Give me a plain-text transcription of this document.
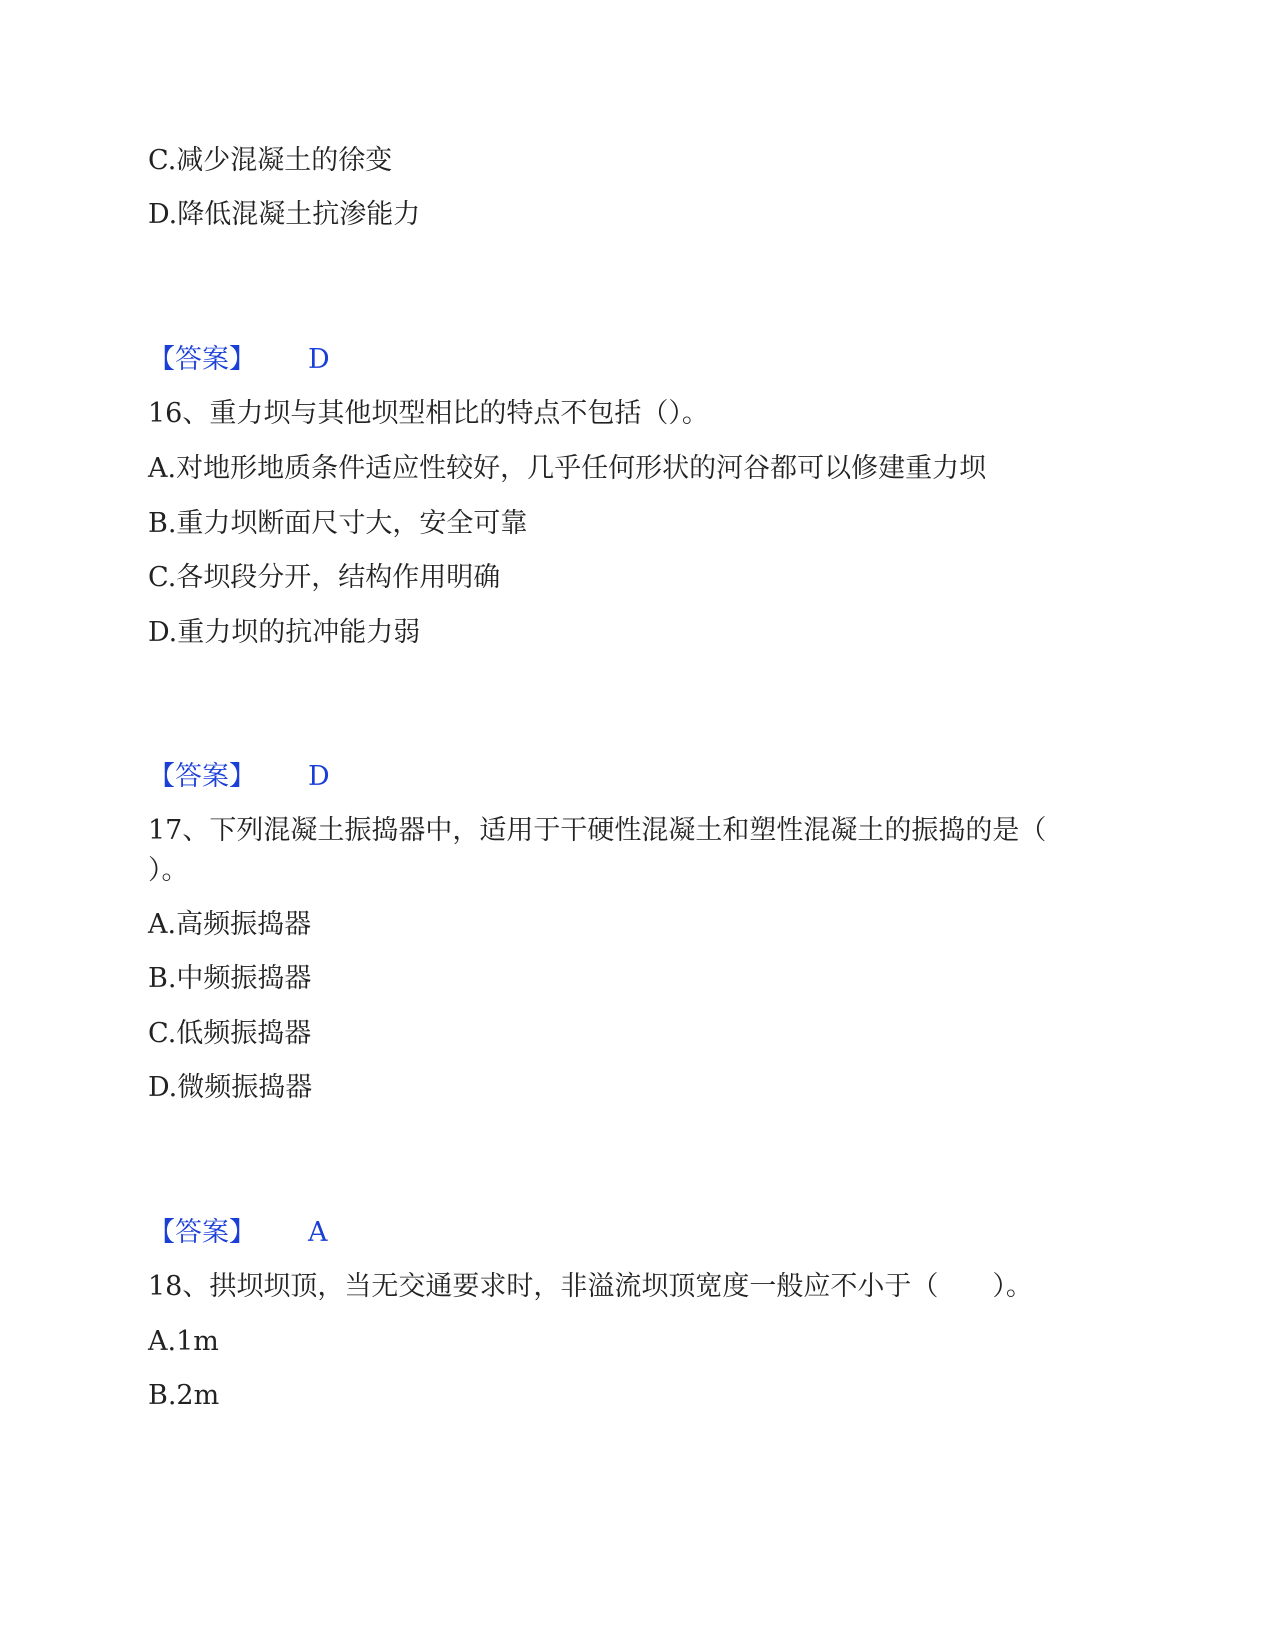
C.减少混凝土的徐变
D.降低混凝土抗渗能力
【答案】 D
16、重力坝与其他坝型相比的特点不包括（）。
A.对地形地质条件适应性较好，几乎任何形状的河谷都可以修建重力坝
B.重力坝断面尺寸大，安全可靠
C.各坝段分开，结构作用明确
D.重力坝的抗冲能力弱
【答案】 D
17、下列混凝土振捣器中，适用于干硬性混凝土和塑性混凝土的振捣的是（
）。
A.高频振捣器
B.中频振捣器
C.低频振捣器
D.微频振捣器
【答案】 A
18、拱坝坝顶，当无交通要求时，非溢流坝顶宽度一般应不小于（　　）。
A.1m
B.2m
